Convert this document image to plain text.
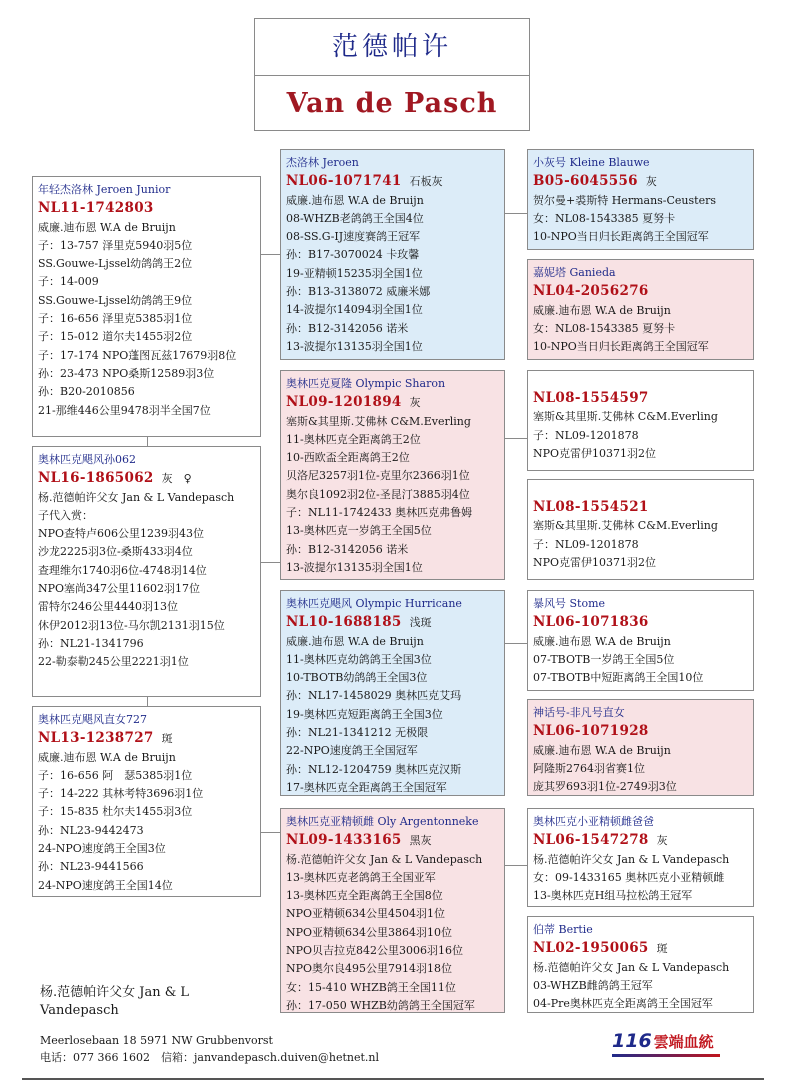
范德帕许
Van de Pasch
年轻杰洛林 Jeroen Junior
NL11-1742803
威廉.迪布恩 W.A de Bruijn
子：13-757 泽里克5940羽5位
SS.Gouwe-Ljssel幼鸽鸽王2位
子：14-009
SS.Gouwe-Ljssel幼鸽鸽王9位
子：16-656 泽里克5385羽1位
子：15-012 道尔夫1455羽2位
子：17-174 NPO蓬图瓦兹17679羽8位
孙：23-473 NPO桑斯12589羽3位
孙：B20-2010856
21-那维446公里9478羽半全国7位
奥林匹克飓风孙062
NL16-1865062 灰　♀
杨.范德帕许父女 Jan & L Vandepasch
子代入赏：
NPO查特卢606公里1239羽43位
沙龙2225羽3位-桑斯433羽4位
查理维尔1740羽6位-4748羽14位
NPO塞尚347公里11602羽17位
雷特尔246公里4440羽13位
休伊2012羽13位-马尔凯2131羽15位
孙：NL21-1341796
22-勒泰勒245公里2221羽1位
奥林匹克飓风直女727
NL13-1238727 斑
威廉.迪布恩 W.A de Bruijn
子：16-656 阿　瑟5385羽1位
子：14-222 其林考特3696羽1位
子：15-835 杜尔夫1455羽3位
孙：NL23-9442473
24-NPO速度鸽王全国3位
孙：NL23-9441566
24-NPO速度鸽王全国14位
杰洛林 Jeroen
NL06-1071741 石板灰
威廉.迪布恩 W.A de Bruijn
08-WHZB老鸽鸽王全国4位
08-SS.G-IJ速度赛鸽王冠军
孙：B17-3070024 卡玫馨
19-亚精顿15235羽全国1位
孙：B13-3138072 威廉米娜
14-波提尔14094羽全国1位
孙：B12-3142056 诺米
13-波提尔13135羽全国1位
奥林匹克夏隆 Olympic Sharon
NL09-1201894 灰
塞斯&其里斯.艾佛林 C&M.Everling
11-奥林匹克全距离鸽王2位
10-西欧盃全距离鸽王2位
贝洛尼3257羽1位-克里尔2366羽1位
奥尔良1092羽2位-圣昆汀3885羽4位
子：NL11-1742433 奥林匹克弗鲁姆
13-奥林匹克一岁鸽王全国5位
孙：B12-3142056 诺米
13-波提尔13135羽全国1位
奥林匹克飓风 Olympic Hurricane
NL10-1688185 浅斑
威廉.迪布恩 W.A de Bruijn
11-奥林匹克幼鸽鸽王全国3位
10-TBOTB幼鸽鸽王全国3位
孙：NL17-1458029 奥林匹克艾玛
19-奥林匹克短距离鸽王全国3位
孙：NL21-1341212 无极限
22-NPO速度鸽王全国冠军
孙：NL12-1204759 奥林匹克汉斯
17-奥林匹克全距离鸽王全国冠军
奥林匹克亚精顿雌 Oly Argentonneke
NL09-1433165 黑灰
杨.范德帕许父女 Jan & L Vandepasch
13-奥林匹克老鸽鸽王全国亚军
13-奥林匹克全距离鸽王全国8位
NPO亚精顿634公里4504羽1位
NPO亚精顿634公里3864羽10位
NPO贝吉拉克842公里3006羽16位
NPO奥尔良495公里7914羽18位
女：15-410 WHZB鸽王全国11位
孙：17-050 WHZB幼鸽鸽王全国冠军
小灰号 Kleine Blauwe
B05-6045556 灰
贺尔曼+裘斯特 Hermans-Ceusters
女：NL08-1543385 夏努卡
10-NPO当日归长距离鸽王全国冠军
嘉妮塔 Ganieda
NL04-2056276
威廉.迪布恩 W.A de Bruijn
女：NL08-1543385 夏努卡
10-NPO当日归长距离鸽王全国冠军
NL08-1554597
塞斯&其里斯.艾佛林 C&M.Everling
子：NL09-1201878
NPO克雷伊10371羽2位
NL08-1554521
塞斯&其里斯.艾佛林 C&M.Everling
子：NL09-1201878
NPO克雷伊10371羽2位
暴风号 Stome
NL06-1071836
威廉.迪布恩 W.A de Bruijn
07-TBOTB一岁鸽王全国5位
07-TBOTB中短距离鸽王全国10位
神话号-非凡号直女
NL06-1071928
威廉.迪布恩 W.A de Bruijn
阿隆斯2764羽省赛1位
庞其罗693羽1位-2749羽3位
奥林匹克小亚精顿雌爸爸
NL06-1547278 灰
杨.范德帕许父女 Jan & L Vandepasch
女：09-1433165 奥林匹克小亚精顿雌
13-奥林匹克H组马拉松鸽王冠军
伯蒂 Bertie
NL02-1950065 斑
杨.范德帕许父女 Jan & L Vandepasch
03-WHZB雌鸽鸽王冠军
04-Pre奥林匹克全距离鸽王全国冠军
杨.范德帕许父女 Jan & L Vandepasch
Meerlosebaan 18 5971 NW Grubbenvorst
电话：077 366 1602　信箱：janvandepasch.duiven@hetnet.nl
116 雲端血統
